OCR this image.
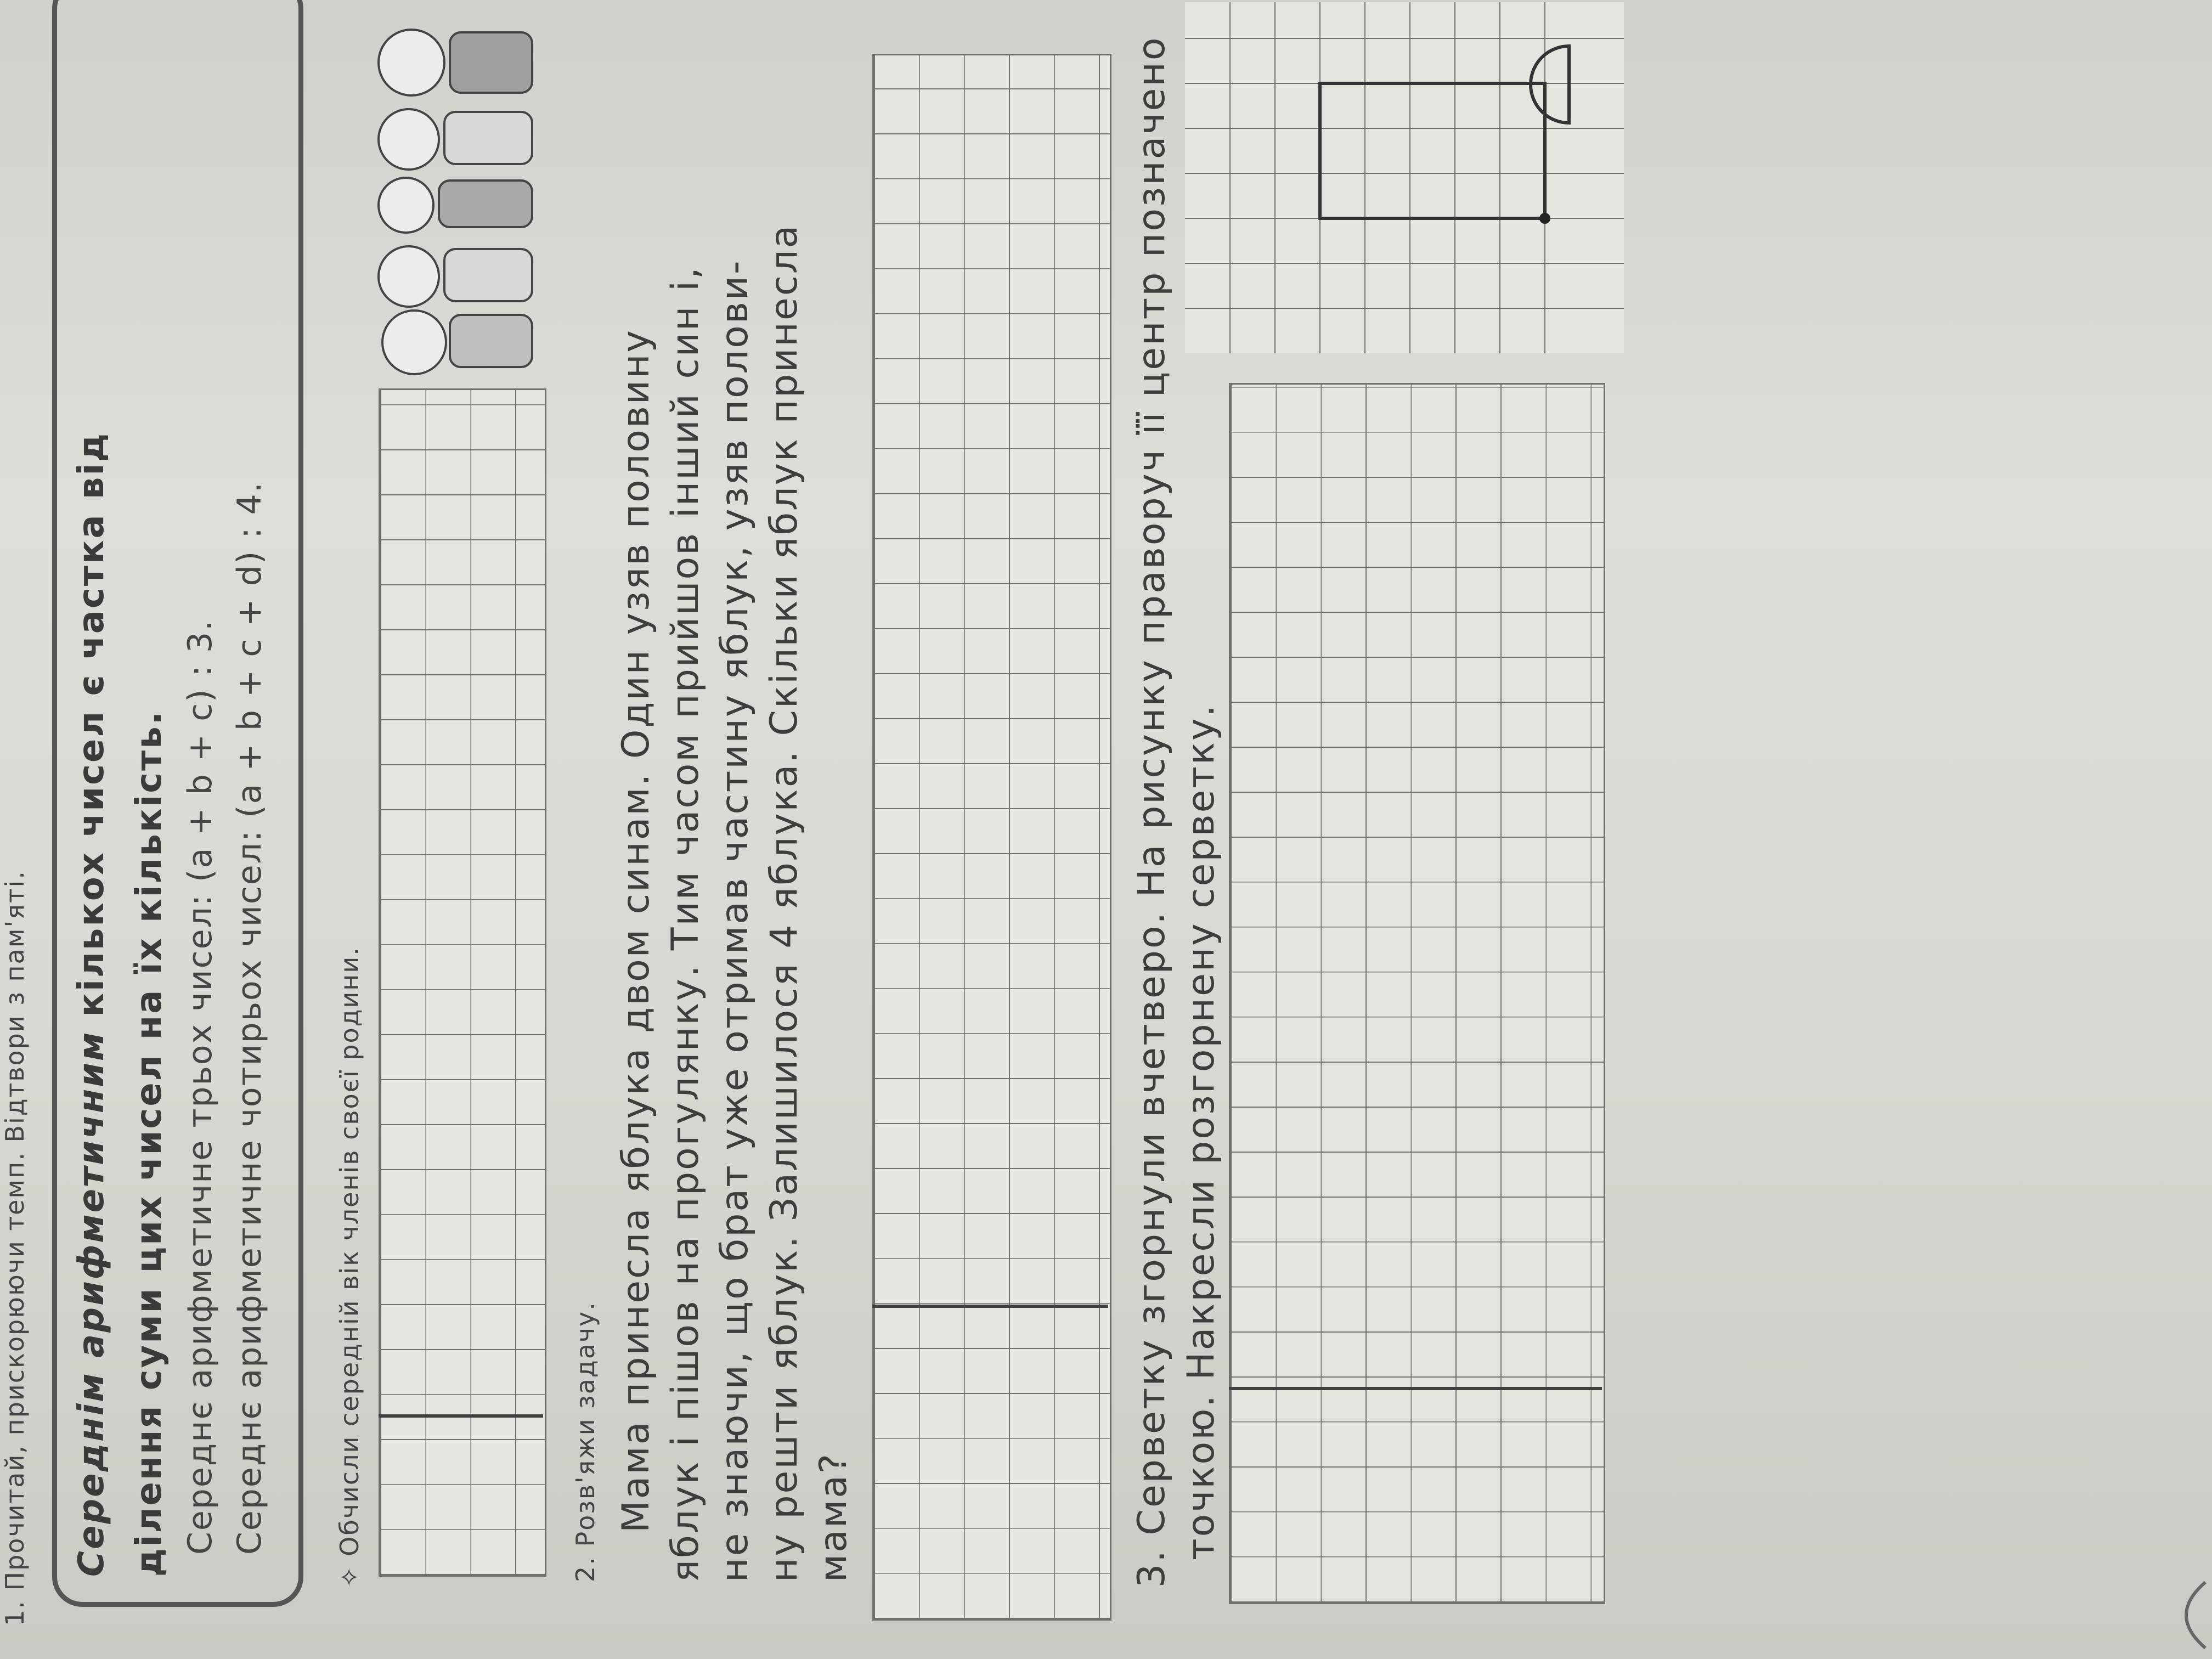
1. Прочитай, прискорюючи темп. Відтвори з пам'яті. Середнім арифметичним кількох чисел є частка від ділення суми цих чисел на їх кількість. Середнє арифметичне трьох чисел: (a + b + c) : 3. Середнє арифметичне чотирьох чисел: (a + b + c + d) : 4.
✧ Обчисли середній вік членів своєї родини.	2. Розв'яжи задачу. Мама принесла яблука двом синам. Один узяв половину яблук і пішов на прогулянку. Тим часом прийшов інший син і, не знаючи, що брат уже отримав частину яблук, узяв полови- ну решти яблук. Залишилося 4 яблука. Скільки яблук принесла мама?	3. Серветку згорнули вчетверо. На рисунку праворуч її центр позначено точкою. Накресли розгорнену серветку.
